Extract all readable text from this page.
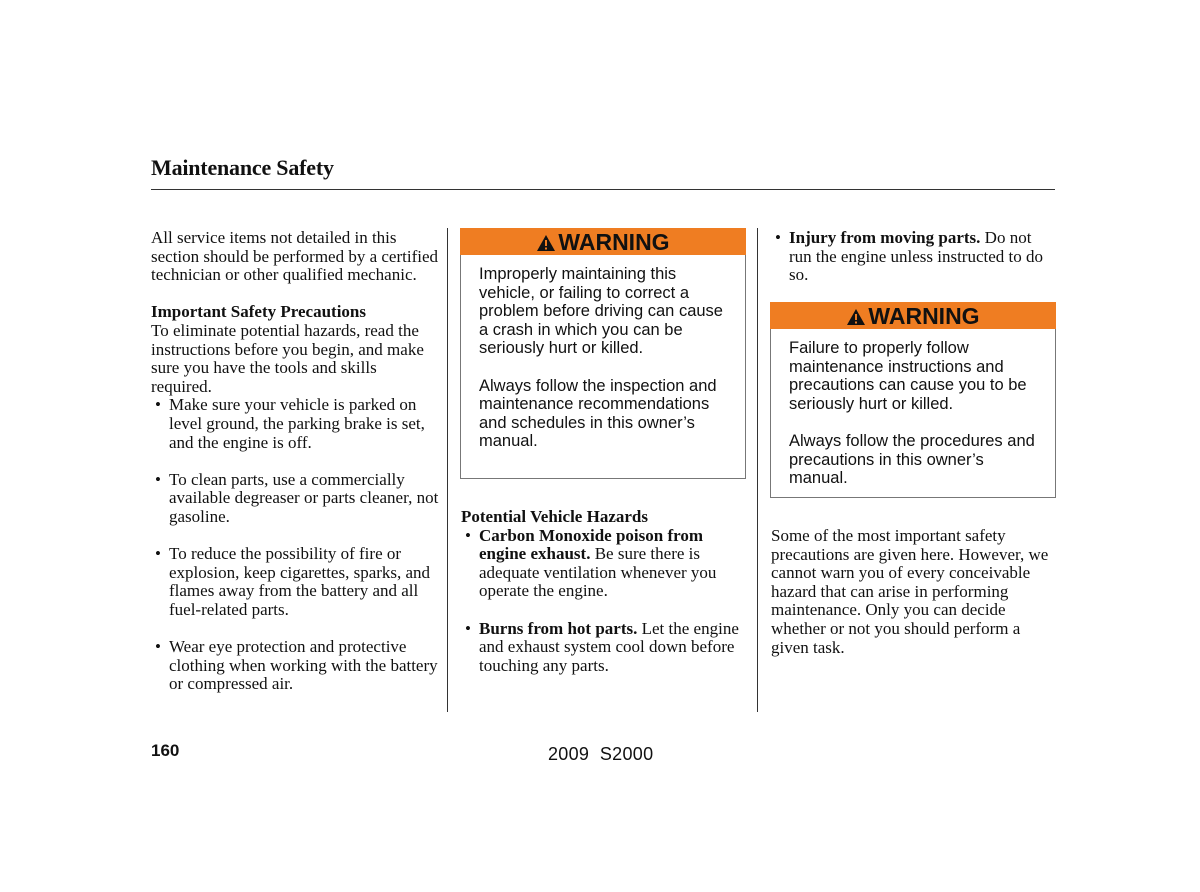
Maintenance Safety

All service items not detailed in this section should be performed by a certified technician or other qualified mechanic.

Important Safety Precautions

To eliminate potential hazards, read the instructions before you begin, and make sure you have the tools and skills required.

• Make sure your vehicle is parked on level ground, the parking brake is set, and the engine is off.
• To clean parts, use a commercially available degreaser or parts cleaner, not gasoline.
• To reduce the possibility of fire or explosion, keep cigarettes, sparks, and flames away from the battery and all fuel-related parts.
• Wear eye protection and protective clothing when working with the battery or compressed air.
WARNING

Improperly maintaining this vehicle, or failing to correct a problem before driving can cause a crash in which you can be seriously hurt or killed.

Always follow the inspection and maintenance recommendations and schedules in this owner’s manual.

Potential Vehicle Hazards

• Carbon Monoxide poison from engine exhaust. Be sure there is adequate ventilation whenever you operate the engine.
• Burns from hot parts. Let the engine and exhaust system cool down before touching any parts.
• Injury from moving parts. Do not run the engine unless instructed to do so.
WARNING

Failure to properly follow maintenance instructions and precautions can cause you to be seriously hurt or killed.

Always follow the procedures and precautions in this owner’s manual.

Some of the most important safety precautions are given here. However, we cannot warn you of every conceivable hazard that can arise in performing maintenance. Only you can decide whether or not you should perform a given task.

160	2009  S2000
